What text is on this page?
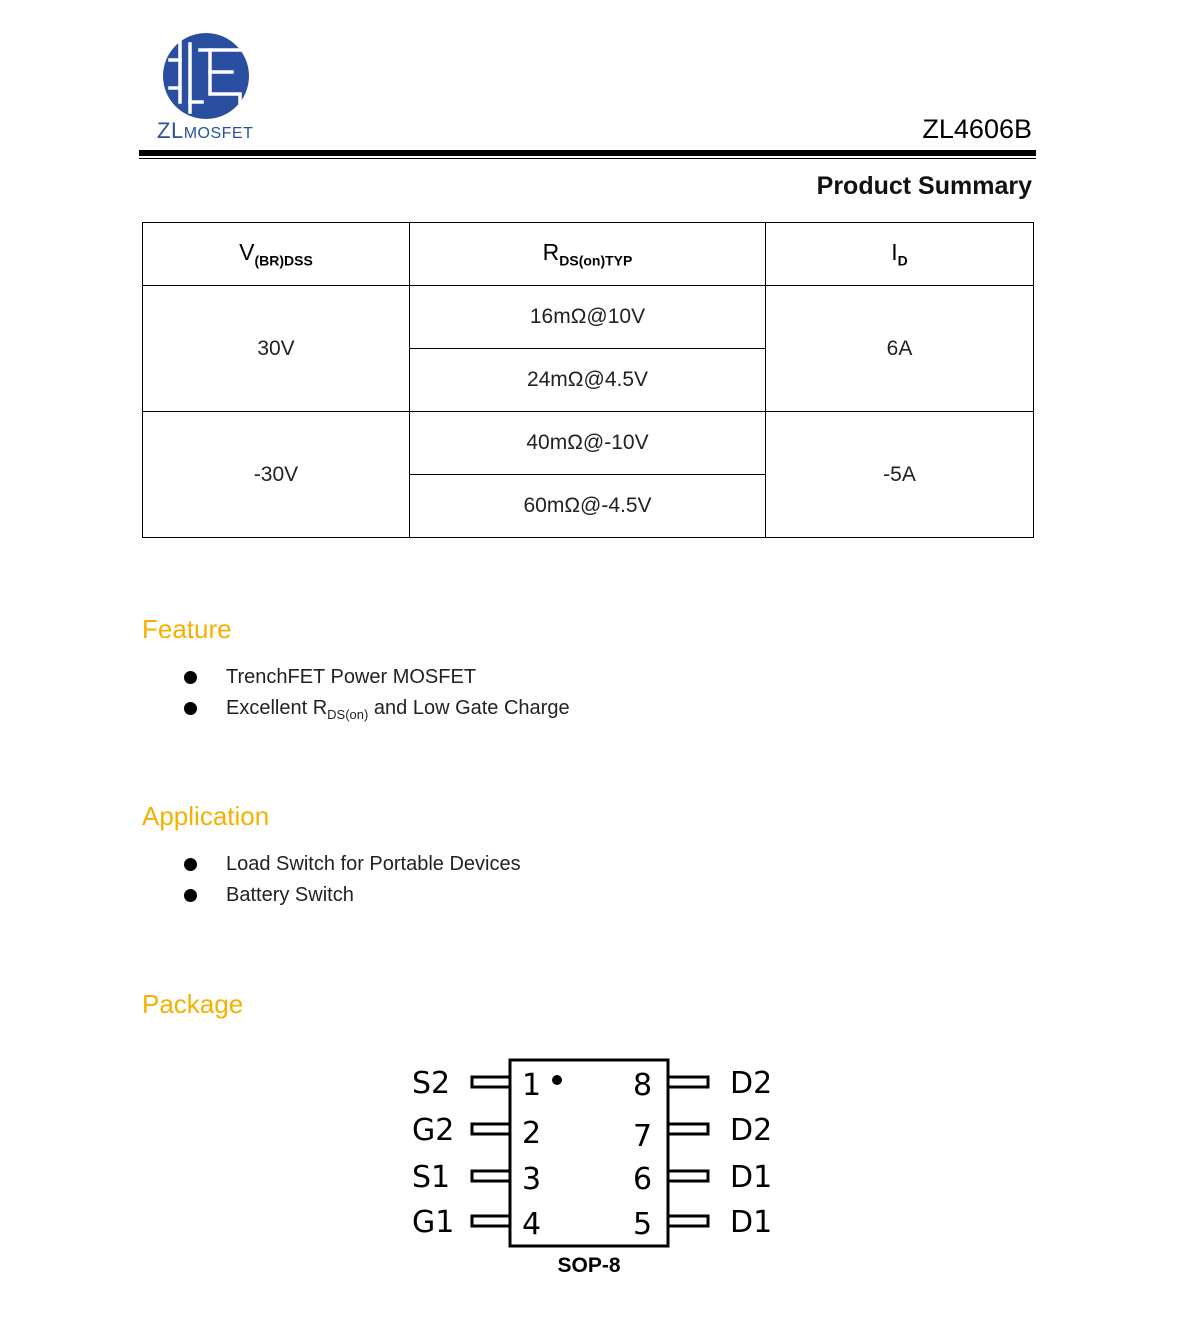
ZLMOSFET	ZL4606B
Product Summary
$V_{(BR)DSS}$	$R_{DS(on)TYP}$	$I_D$
30V	16mΩ@10V	6A
	24mΩ@4.5V	
-30V	40mΩ@-10V	-5A
	60mΩ@-4.5V	
Feature
TrenchFET Power MOSFET
Excellent $R_{DS(on)}$ and Low Gate Charge
Application
Load Switch for Portable Devices
Battery Switch
Package
S2
G2
S1
G1
D2
D2
D1
D1
1
2
3
4
8
7
6
5
SOP-8
